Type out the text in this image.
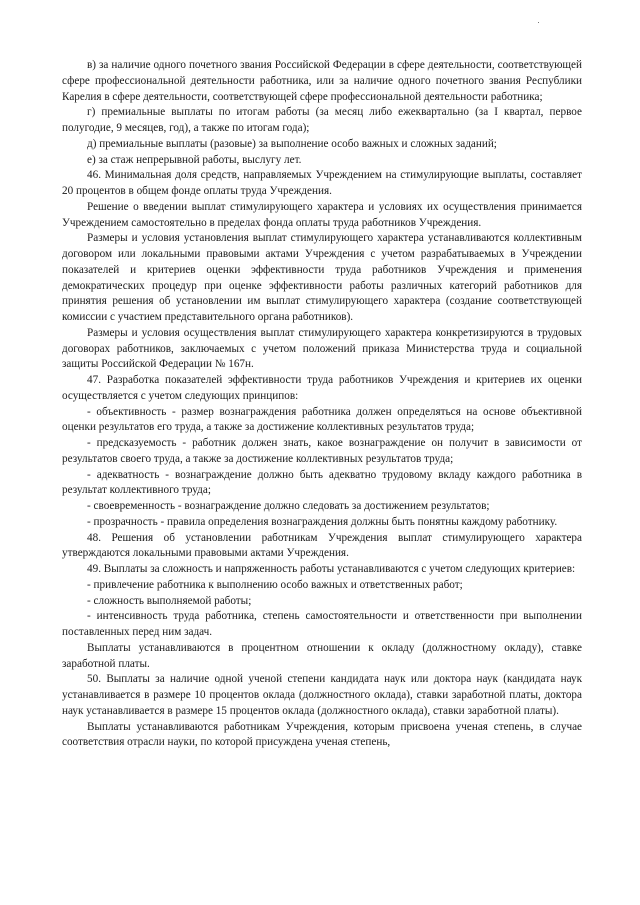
в) за наличие одного почетного звания Российской Федерации в сфере деятельности, соответствующей сфере профессиональной деятельности работника, или за наличие одного почетного звания Республики Карелия в сфере деятельности, соответствующей сфере профессиональной деятельности работника;

г) премиальные выплаты по итогам работы (за месяц либо ежеквартально (за I квартал, первое полугодие, 9 месяцев, год), а также по итогам года);

д) премиальные выплаты (разовые) за выполнение особо важных и сложных заданий;

е) за стаж непрерывной работы, выслугу лет.

46. Минимальная доля средств, направляемых Учреждением на стимулирующие выплаты, составляет 20 процентов в общем фонде оплаты труда Учреждения.

Решение о введении выплат стимулирующего характера и условиях их осуществления принимается Учреждением самостоятельно в пределах фонда оплаты труда работников Учреждения.

Размеры и условия установления выплат стимулирующего характера устанавливаются коллективным договором или локальными правовыми актами Учреждения с учетом разрабатываемых в Учреждении показателей и критериев оценки эффективности труда работников Учреждения и применения демократических процедур при оценке эффективности работы различных категорий работников для принятия решения об установлении им выплат стимулирующего характера (создание соответствующей комиссии с участием представительного органа работников).

Размеры и условия осуществления выплат стимулирующего характера конкретизируются в трудовых договорах работников, заключаемых с учетом положений приказа Министерства труда и социальной защиты Российской Федерации № 167н.

47. Разработка показателей эффективности труда работников Учреждения и критериев их оценки осуществляется с учетом следующих принципов:

- объективность - размер вознаграждения работника должен определяться на основе объективной оценки результатов его труда, а также за достижение коллективных результатов труда;

- предсказуемость - работник должен знать, какое вознаграждение он получит в зависимости от результатов своего труда, а также за достижение коллективных результатов труда;

- адекватность - вознаграждение должно быть адекватно трудовому вкладу каждого работника в результат коллективного труда;

- своевременность - вознаграждение должно следовать за достижением результатов;

- прозрачность - правила определения вознаграждения должны быть понятны каждому работнику.

48. Решения об установлении работникам Учреждения выплат стимулирующего характера утверждаются локальными правовыми актами Учреждения.

49. Выплаты за сложность и напряженность работы устанавливаются с учетом следующих критериев:

- привлечение работника к выполнению особо важных и ответственных работ;

- сложность выполняемой работы;

- интенсивность труда работника, степень самостоятельности и ответственности при выполнении поставленных перед ним задач.

Выплаты устанавливаются в процентном отношении к окладу (должностному окладу), ставке заработной платы.

50. Выплаты за наличие одной ученой степени кандидата наук или доктора наук (кандидата наук устанавливается в размере 10 процентов оклада (должностного оклада), ставки заработной платы, доктора наук устанавливается в размере 15 процентов оклада (должностного оклада), ставки заработной платы).

Выплаты устанавливаются работникам Учреждения, которым присвоена ученая степень, в случае соответствия отрасли науки, по которой присуждена ученая степень,
